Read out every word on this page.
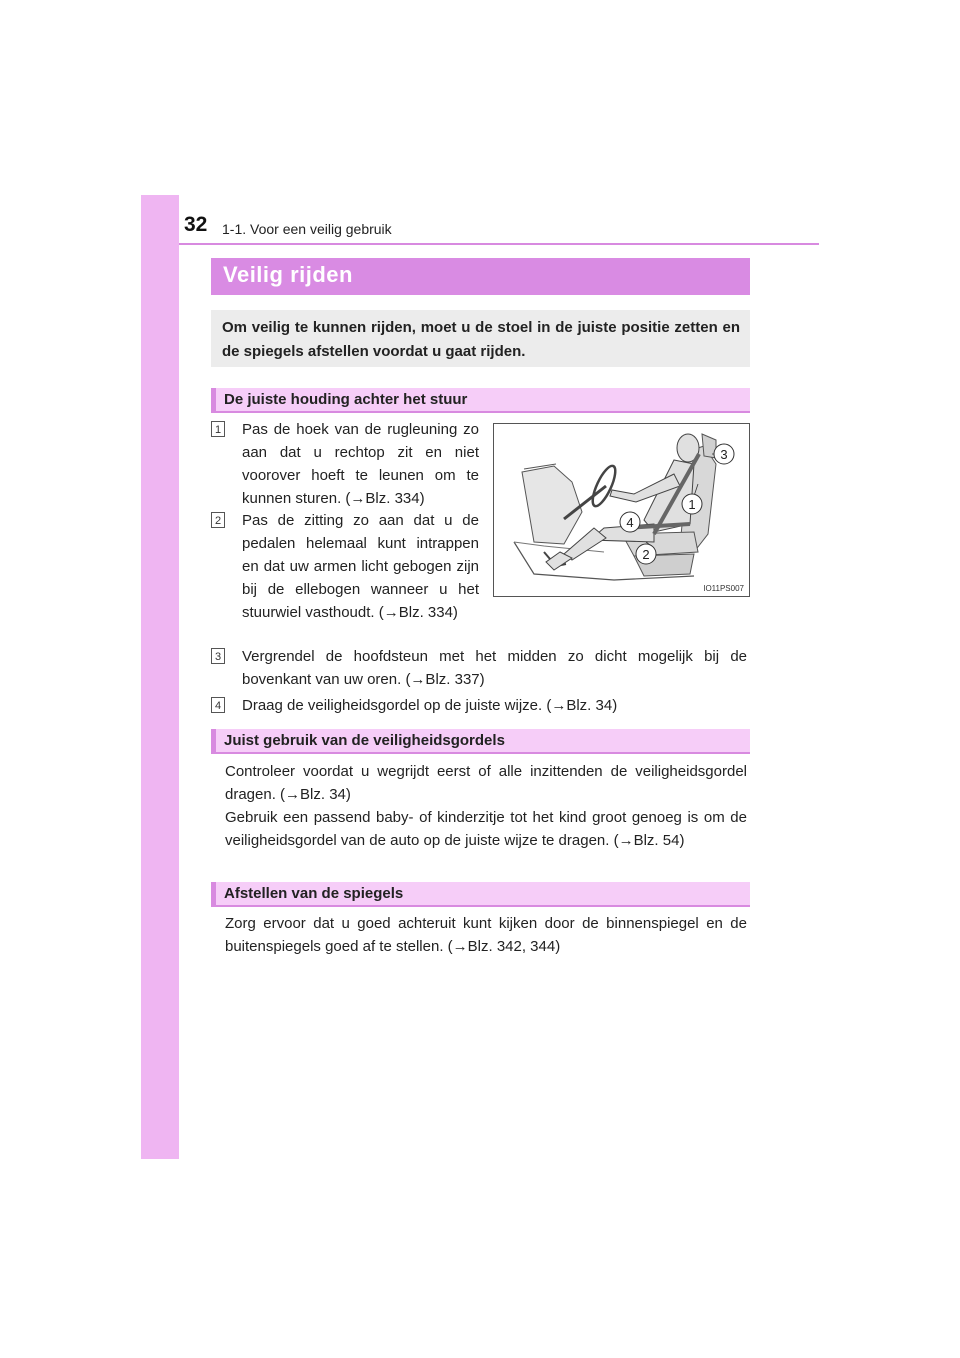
32 1-1. Voor een veilig gebruik
Veilig rijden
Om veilig te kunnen rijden, moet u de stoel in de juiste positie zetten en de spiegels afstellen voordat u gaat rijden.
De juiste houding achter het stuur
1 Pas de hoek van de rugleuning zo aan dat u rechtop zit en niet voorover hoeft te leunen om te kunnen sturen. (→Blz. 334)
2 Pas de zitting zo aan dat u de pedalen helemaal kunt intrappen en dat uw armen licht gebogen zijn bij de ellebogen wanneer u het stuurwiel vasthoudt. (→Blz. 334)
1
2
3
4
IO11PS007
3 Vergrendel de hoofdsteun met het midden zo dicht mogelijk bij de bovenkant van uw oren. (→Blz. 337)
4 Draag de veiligheidsgordel op de juiste wijze. (→Blz. 34)
Juist gebruik van de veiligheidsgordels

Controleer voordat u wegrijdt eerst of alle inzittenden de veiligheidsgordel dragen. (→Blz. 34)

Gebruik een passend baby- of kinderzitje tot het kind groot genoeg is om de veiligheidsgordel van de auto op de juiste wijze te dragen. (→Blz. 54)

Afstellen van de spiegels

Zorg ervoor dat u goed achteruit kunt kijken door de binnenspiegel en de buitenspiegels goed af te stellen. (→Blz. 342, 344)
